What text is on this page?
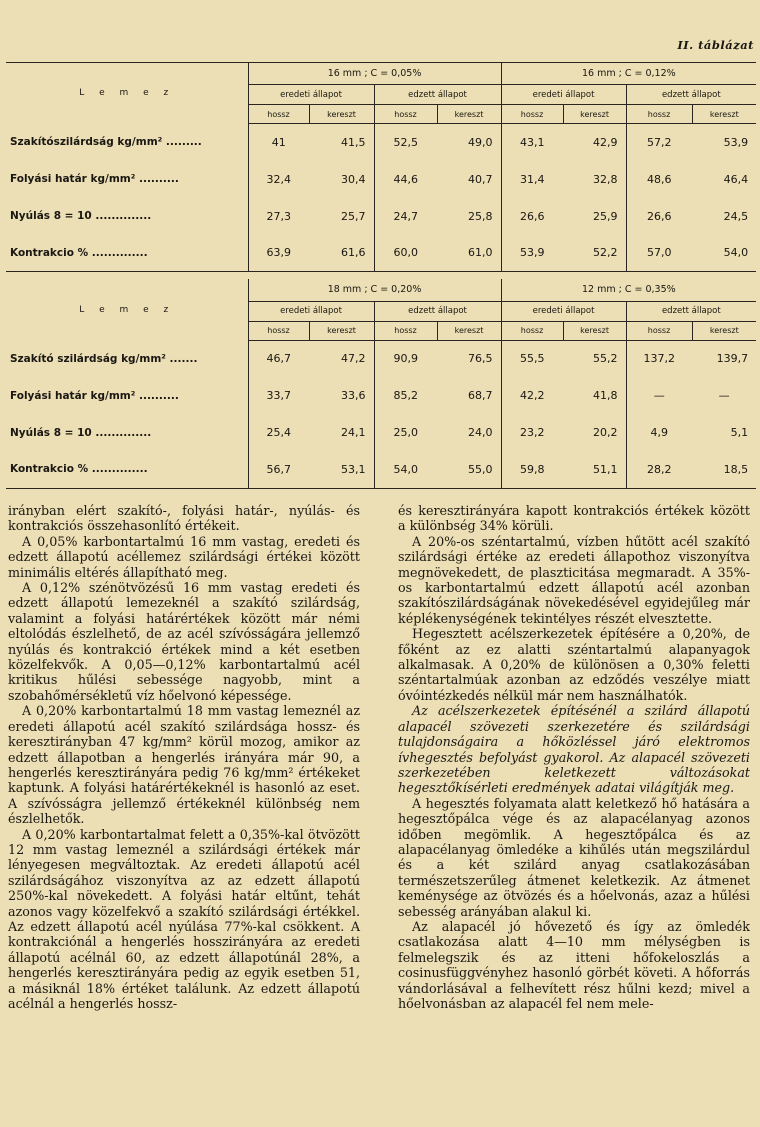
II. táblázat
L e m e z	16 mm ; C = 0,05%				16 mm ; C = 0,12%			
	eredeti állapot		edzett állapot		eredeti állapot		edzett állapot	
	hossz	kereszt	hossz	kereszt	hossz	kereszt	hossz	kereszt
Szakítószilárdság kg/mm² .........	41	41,5	52,5	49,0	43,1	42,9	57,2	53,9
Folyási határ kg/mm² ..........	32,4	30,4	44,6	40,7	31,4	32,8	48,6	46,4
Nyúlás 8 = 10 ..............	27,3	25,7	24,7	25,8	26,6	25,9	26,6	24,5
Kontrakcio % ..............	63,9	61,6	60,0	61,0	53,9	52,2	57,0	54,0
L e m e z	18 mm ; C = 0,20%				12 mm ; C = 0,35%			
	eredeti állapot		edzett állapot		eredeti állapot		edzett állapot	
	hossz	kereszt	hossz	kereszt	hossz	kereszt	hossz	kereszt
Szakító szilárdság kg/mm² .......	46,7	47,2	90,9	76,5	55,5	55,2	137,2	139,7
Folyási határ kg/mm² ..........	33,7	33,6	85,2	68,7	42,2	41,8	—	—
Nyúlás 8 = 10 ..............	25,4	24,1	25,0	24,0	23,2	20,2	4,9	5,1
Kontrakcio % ..............	56,7	53,1	54,0	55,0	59,8	51,1	28,2	18,5

irányban elért szakító-, folyási határ-, nyúlás- és kontrakciós összehasonlító értékeit.

A 0,05% karbontartalmú 16 mm vastag, eredeti és edzett állapotú acéllemez szilárdsági értékei között minimális eltérés állapítható meg.

A 0,12% szénötvözésű 16 mm vastag eredeti és edzett állapotú lemezeknél a szakító szilárdság, valamint a folyási határértékek között már némi eltolódás észlelhető, de az acél szívósságára jellemző nyúlás és kontrakció értékek mind a két esetben közelfekvők. A 0,05—0,12% karbontartalmú acél kritikus hűlési sebessége nagyobb, mint a szobahőmérsékletű víz hőelvonó képessége.

A 0,20% karbontartalmú 18 mm vastag lemeznél az eredeti állapotú acél szakító szilárdsága hossz- és keresztirányban 47 kg/mm² körül mozog, amikor az edzett állapotban a hengerlés irányára már 90, a hengerlés keresztirányára pedig 76 kg/mm² értékeket kaptunk. A folyási határértékeknél is hasonló az eset. A szívósságra jellemző értékeknél különbség nem észlelhetők.

A 0,20% karbontartalmat felett a 0,35%-kal ötvözött 12 mm vastag lemeznél a szilárdsági értékek már lényegesen megváltoztak. Az eredeti állapotú acél szilárdságához viszonyítva az az edzett állapotú 250%-kal növekedett. A folyási határ eltűnt, tehát azonos vagy közelfekvő a szakító szilárdsági értékkel. Az edzett állapotú acél nyúlása 77%-kal csökkent. A kontrakciónál a hengerlés hosszirányára az eredeti állapotú acélnál 60, az edzett állapotúnál 28%, a hengerlés keresztirányára pedig az egyik esetben 51, a másiknál 18% értéket találunk. Az edzett állapotú acélnál a hengerlés hossz-

és keresztirányára kapott kontrakciós értékek között a különbség 34% körüli.

A 20%-os széntartalmú, vízben hűtött acél szakító szilárdsági értéke az eredeti állapothoz viszonyítva megnövekedett, de plaszticitása megmaradt. A 35%-os karbontartalmú edzett állapotú acél azonban szakítószilárdságának növekedésével egyidejűleg már képlékenységének tekintélyes részét elvesztette.

Hegesztett acélszerkezetek építésére a 0,20%, de főként az ez alatti széntartalmú alapanyagok alkalmasak. A 0,20% de különösen a 0,30% feletti széntartalmúak azonban az edződés veszélye miatt óvóintézkedés nélkül már nem használhatók.

Az acélszerkezetek építésénél a szilárd állapotú alapacél szövezeti szerkezetére és szilárdsági tulajdonságaira a hőközléssel járó elektromos ívhegesztés befolyást gyakorol. Az alapacél szövezeti szerkezetében keletkezett változásokat hegesztőkísérleti eredmények adatai világítják meg.

A hegesztés folyamata alatt keletkező hő hatására a hegesztőpálca vége és az alapacélanyag azonos időben megömlik. A hegesztőpálca és az alapacélanyag ömledéke a kihűlés után megszilárdul és a két szilárd anyag csatlakozásában természetszerűleg átmenet keletkezik. Az átmenet keménysége az ötvözés és a hőelvonás, azaz a hűlési sebesség arányában alakul ki.

Az alapacél jó hővezető és így az ömledék csatlakozása alatt 4—10 mm mélységben is felmelegszik és az itteni hőfokeloszlás a cosinusfüggvényhez hasonló görbét követi. A hőforrás vándorlásával a felhevített rész hűlni kezd; mivel a hőelvonásban az alapacél fel nem mele-
